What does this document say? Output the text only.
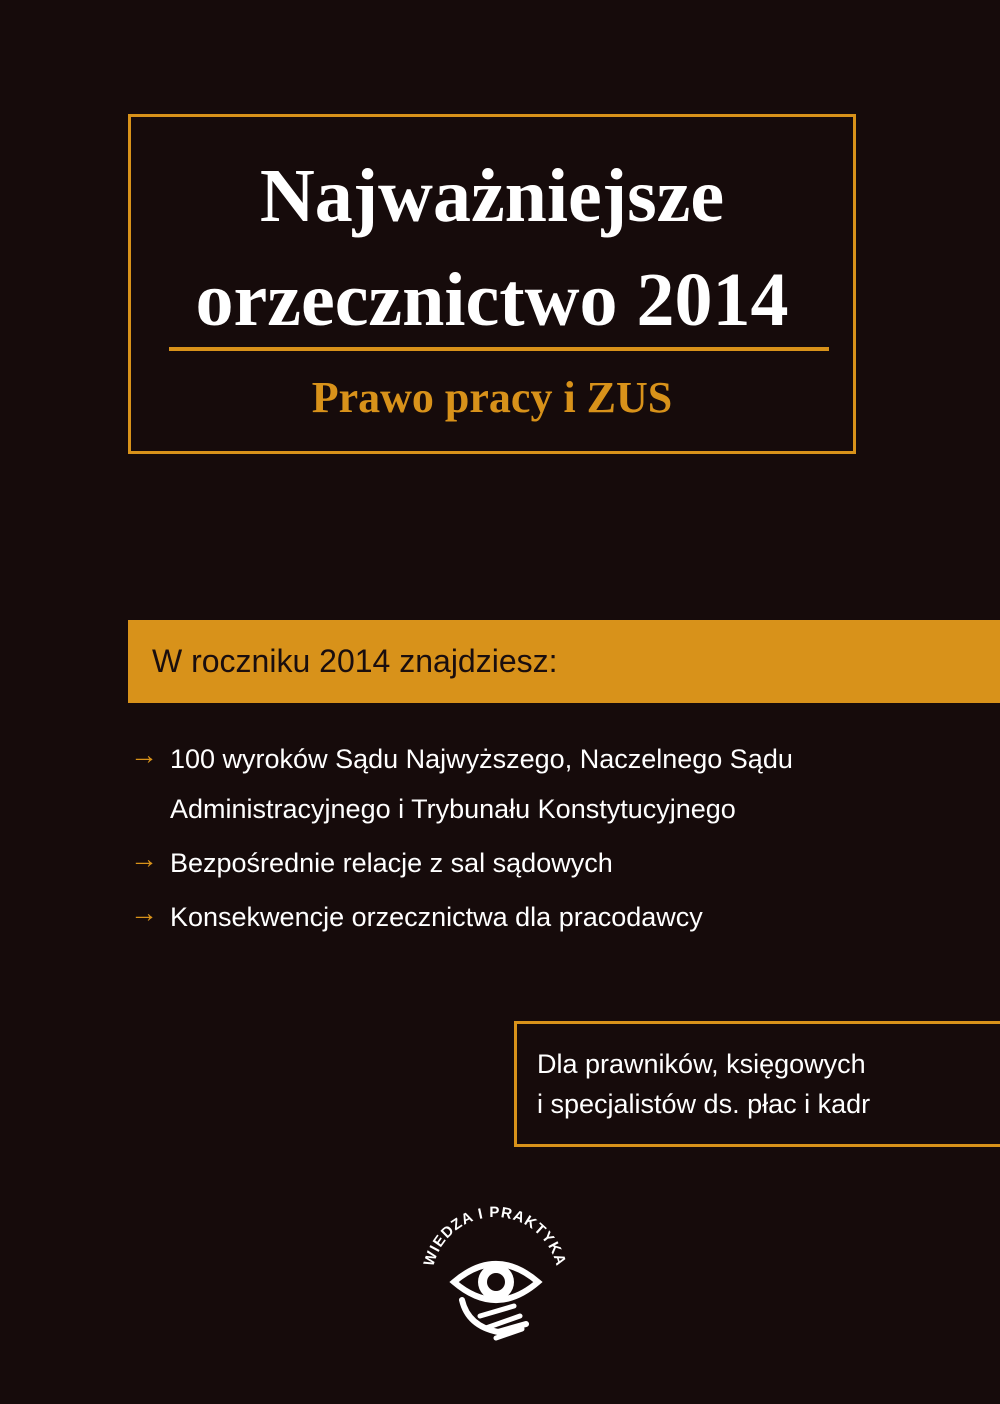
Najważniejsze
orzecznictwo 2014
Prawo pracy i ZUS
W roczniku 2014 znajdziesz:
→ 100 wyroków Sądu Najwyższego, Naczelnego Sądu Administracyjnego i Trybunału Konstytucyjnego
→ Bezpośrednie relacje z sal sądowych
→ Konsekwencje orzecznictwa dla pracodawcy
Dla prawników, księgowych
i specjalistów ds. płac i kadr
WIEDZA I PRAKTYKA
